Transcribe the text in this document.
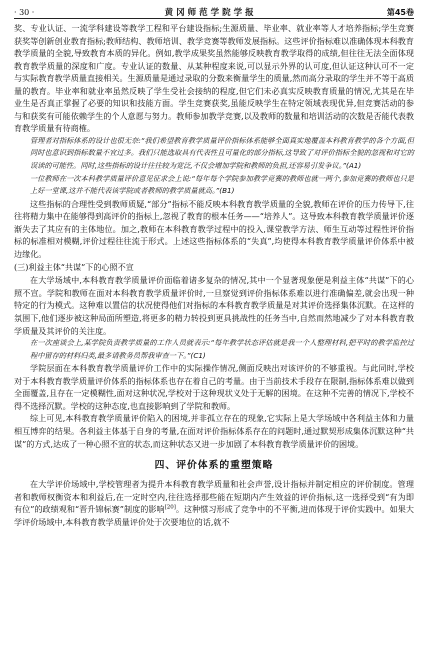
· 30 ·	黄冈师范学院学报	第45卷

奖、专业认证、一流学科建设等教学工程和平台建设指标;生源质量、毕业率、就业率等人才培养指标;学生竞赛获奖等创新创业教育指标;教师结构、教师培训、教学竞赛等教师发展指标。这些评价指标难以准确体现本科教育教学质量的全貌,导致教育本质的异化。例如,教学成果奖虽然能够反映教育教学取得的成绩,但往往无法全面体现教育教学质量的深度和广度。专业认证的数量、从某种程度来说,可以显示外界的认可度,但认证这种认可不一定与实际教育教学质量直接相关。生源质量是通过录取的分数来衡量学生的质量,然而高分录取的学生并不等于高质量的教育。毕业率和就业率虽然反映了学生受社会接纳的程度,但它们未必真实反映教育质量的情况,尤其是在毕业生是否真正掌握了必要的知识和技能方面。学生竞赛获奖,虽能反映学生在特定领域表现优异,但竞赛活动的参与和获奖有可能依赖学生的个人意愿与努力。教师参加教学竞赛,以及教师的数量和培训活动的次数是否能代表教育教学质量有待商榷。

管理者对指标体系的设计也很无奈:“我们希望教育教学质量评价指标体系能够全面真实地覆盖本科教育教学的各个方面,但同时也意识到指标数量不宜过多。我们只能选取具有代表性且可量化的部分指标,这导致了对评价指标全貌的忽视和对它的误读的可能性。同时,这些指标的设计往往较为宽泛,不仅会增加学院和教师的负担,还容易引发争议。”(A1)

一位教师在一次本科教学质量评价意见征求会上说:“每年每个学院参加教学竞赛的教师也就一两个,参加竞赛的教师也只是上好一堂课,这并不能代表该学院或者教师的教学质量就高。”(B1)

这些指标的合理性受到教师质疑,“部分”指标不能反映本科教育教学质量的全貌,教师在评价的压力传导下,往往将精力集中在能够得到高评价的指标上,忽视了教育的根本任务——“培养人”。这导致本科教育教学质量评价逐渐失去了其应有的主体地位。加之,教师在本科教育教学过程中的投入,课堂教学方法、师生互动等过程性评价指标的标准相对模糊,评价过程往往流于形式。上述这些指标体系的“失真”,均使得本科教育教学质量评价体系中被边缘化。

(三)利益主体“共谋”下的心照不宣

在大学场域中,本科教育教学质量评价面临着诸多复杂的情况,其中一个显著现象便是利益主体“共谋”下的心照不宣。学院和教师在面对本科教育教学质量评价时,一旦察觉到评价指标体系难以进行准确偏差,就会出现一种特定的行为模式。这种难以置信的状况使得他们对指标的本科教育教学质量是对其评价选择集体沉默。在这样的氛围下,他们逐步被这种局面所塑造,将更多的精力转投到更具挑战性的任务当中,自然而然地减少了对本科教育教学质量及其评价的关注度。

在一次座谈会上,某学院负责教学质量的工作人员就表示:“每年教学状态评估就是我一个人整理材料,把平时的教学监控过程中留存的材料归类,最多请教务员帮我审查一下。”(C1)

学院层面在本科教育教学质量评价工作中的实际操作情况,侧面反映出对该评价的不够重视。与此同时,学校对于本科教育教学质量评价体系的指标体系也存在着自己的考量。由于当前技术手段存在限制,指标体系难以做到全面覆盖,且存在一定模糊性,面对这种状况,学校对于这种现状义处于无解的困境。在这种不完善的情况下,学校不得不选择沉默。学校的这种态度,也直接影响到了学院和教师。

综上可见,本科教育教学质量评价陷入的困境,并非孤立存在的现象,它实际上是大学场域中各利益主体和力量相互博弈的结果。各利益主体基于自身的考量,在面对评价指标体系存在的问题时,通过默契形成集体沉默这种“共谋”的方式,达成了一种心照不宣的状态,而这种状态又进一步加剧了本科教育教学质量评价的困境。

四、评价体系的重塑策略

在大学评价场域中,学校管理者为提升本科教育教学质量和社会声誉,设计指标并制定相应的评价制度。管理者和教师权衡资本和利益后,在一定时空内,往往选择那些能在短期内产生效益的评价指标,这一选择受到“有为即有位”的政绩观和“晋升锦标赛”制度的影响[20]。这种惯习形成了竞争中的不平衡,进而体现于评价实践中。如果大学评价场域中,本科教育教学质量评价处于次要地位的话,就不
